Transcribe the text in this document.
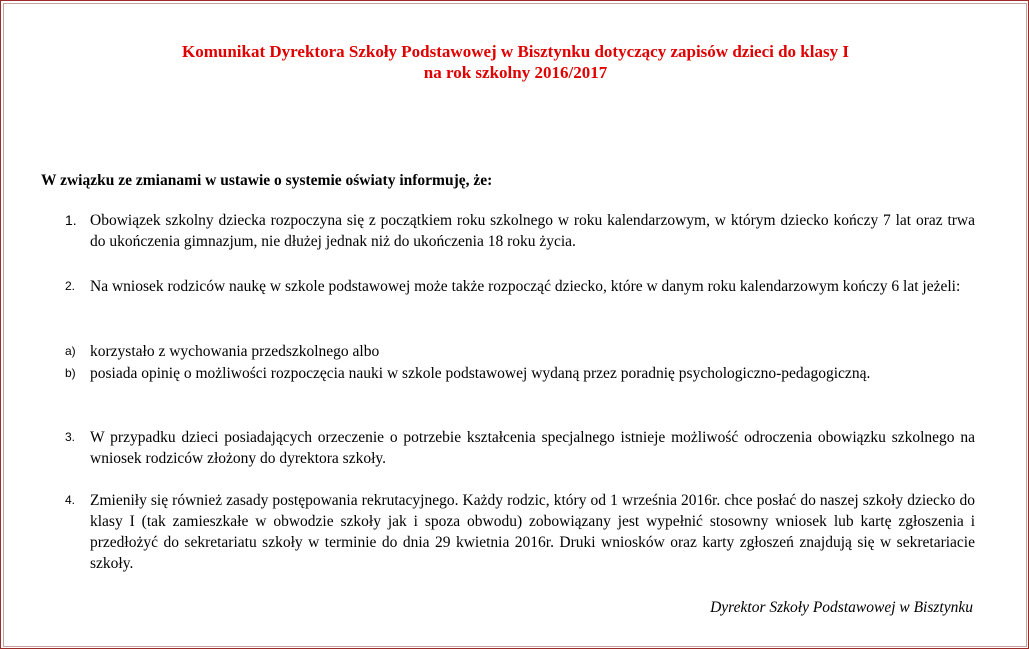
Komunikat Dyrektora Szkoły Podstawowej w Bisztynku dotyczący zapisów dzieci do klasy I
na rok szkolny 2016/2017
W związku ze zmianami w ustawie o systemie oświaty informuję, że:
1. Obowiązek szkolny dziecka rozpoczyna się z początkiem roku szkolnego w roku kalendarzowym, w którym dziecko kończy 7 lat oraz trwa do ukończenia gimnazjum, nie dłużej jednak niż do ukończenia 18 roku życia.
2. Na wniosek rodziców naukę w szkole podstawowej może także rozpocząć dziecko, które w danym roku kalendarzowym kończy 6 lat jeżeli:
a) korzystało z wychowania przedszkolnego albo
b) posiada opinię o możliwości rozpoczęcia nauki w szkole podstawowej wydaną przez poradnię psychologiczno-pedagogiczną.
3. W przypadku dzieci posiadających orzeczenie o potrzebie kształcenia specjalnego istnieje możliwość odroczenia obowiązku szkolnego na wniosek rodziców złożony do dyrektora szkoły.
4. Zmieniły się również zasady postępowania rekrutacyjnego. Każdy rodzic, który od 1 września 2016r. chce posłać do naszej szkoły dziecko do klasy I (tak zamieszkałe w obwodzie szkoły jak i spoza obwodu) zobowiązany jest wypełnić stosowny wniosek lub kartę zgłoszenia i przedłożyć do sekretariatu szkoły w terminie do dnia 29 kwietnia 2016r. Druki wniosków oraz karty zgłoszeń znajdują się w sekretariacie szkoły.
Dyrektor Szkoły Podstawowej w Bisztynku
